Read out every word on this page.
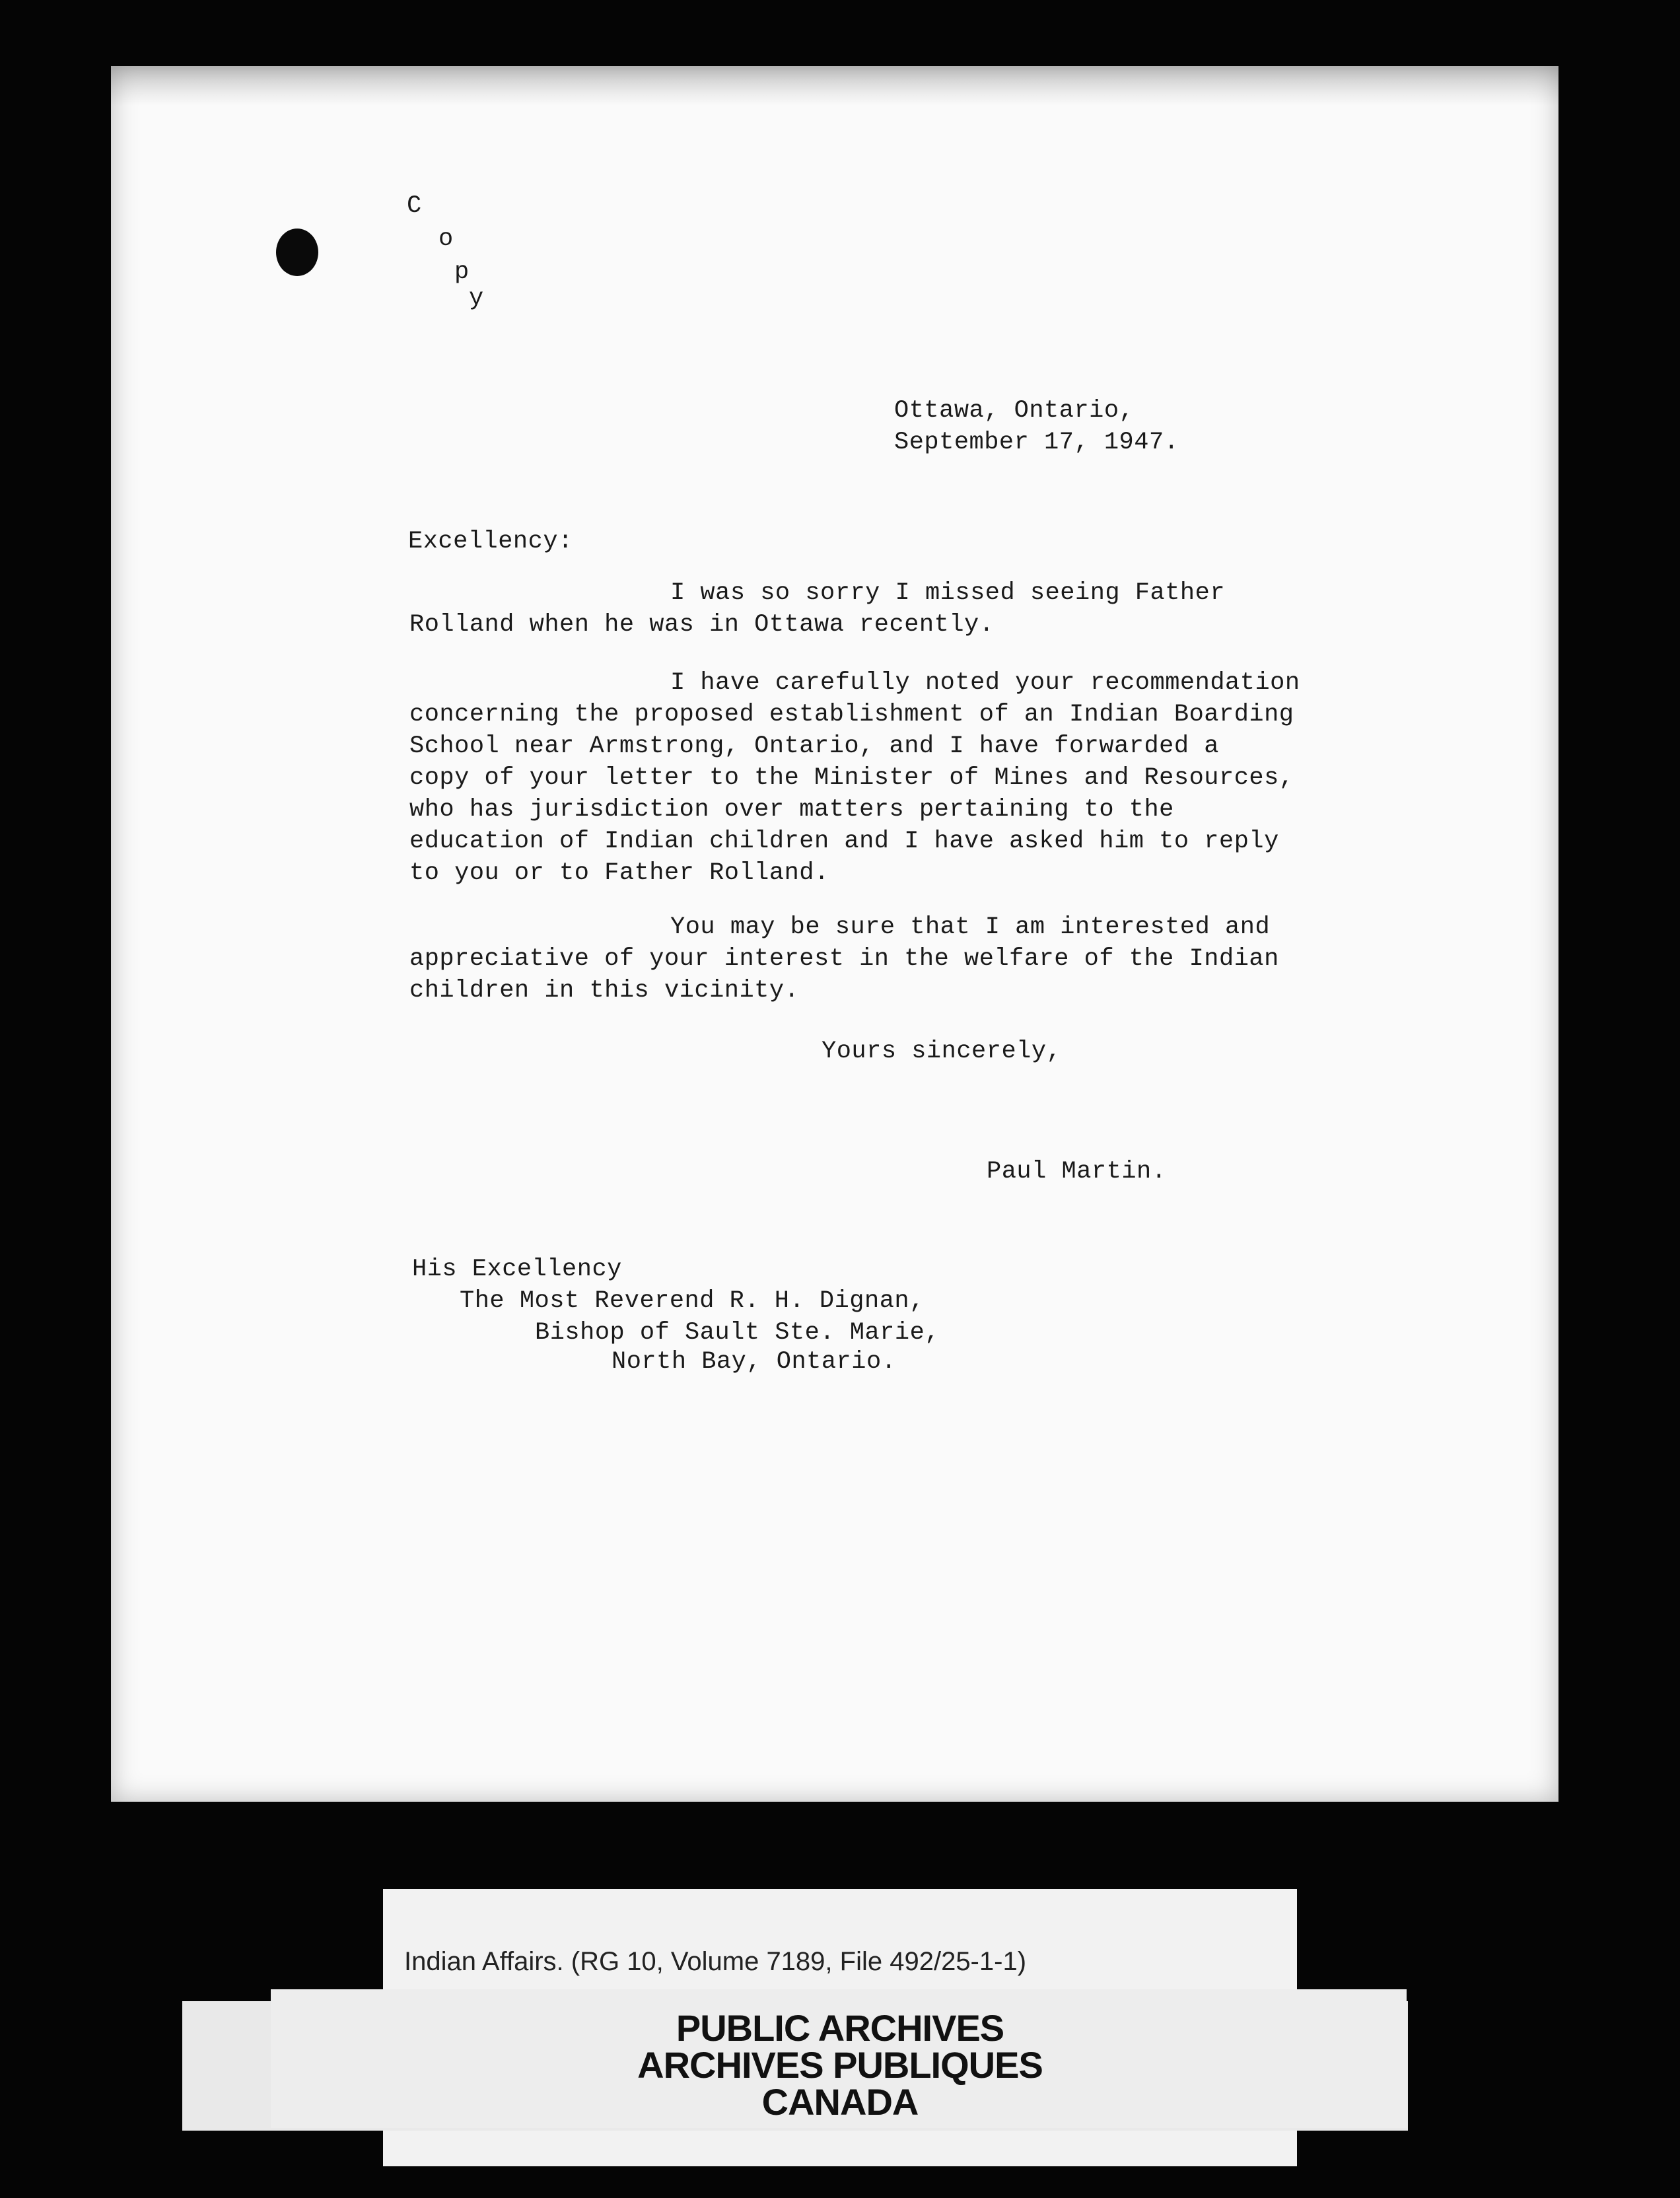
C
o
p
y
Ottawa, Ontario,
September 17, 1947.
Excellency:
I was so sorry I missed seeing Father
Rolland when he was in Ottawa recently.
I have carefully noted your recommendation
concerning the proposed establishment of an Indian Boarding
School near Armstrong, Ontario, and I have forwarded a
copy of your letter to the Minister of Mines and Resources,
who has jurisdiction over matters pertaining to the
education of Indian children and I have asked him to reply
to you or to Father Rolland.
You may be sure that I am interested and
appreciative of your interest in the welfare of the Indian
children in this vicinity.
Yours sincerely,
Paul Martin.
His Excellency
The Most Reverend R. H. Dignan,
Bishop of Sault Ste. Marie,
North Bay, Ontario.
Indian Affairs. (RG 10, Volume 7189, File 492/25-1-1)
PUBLIC ARCHIVES
ARCHIVES PUBLIQUES
CANADA
